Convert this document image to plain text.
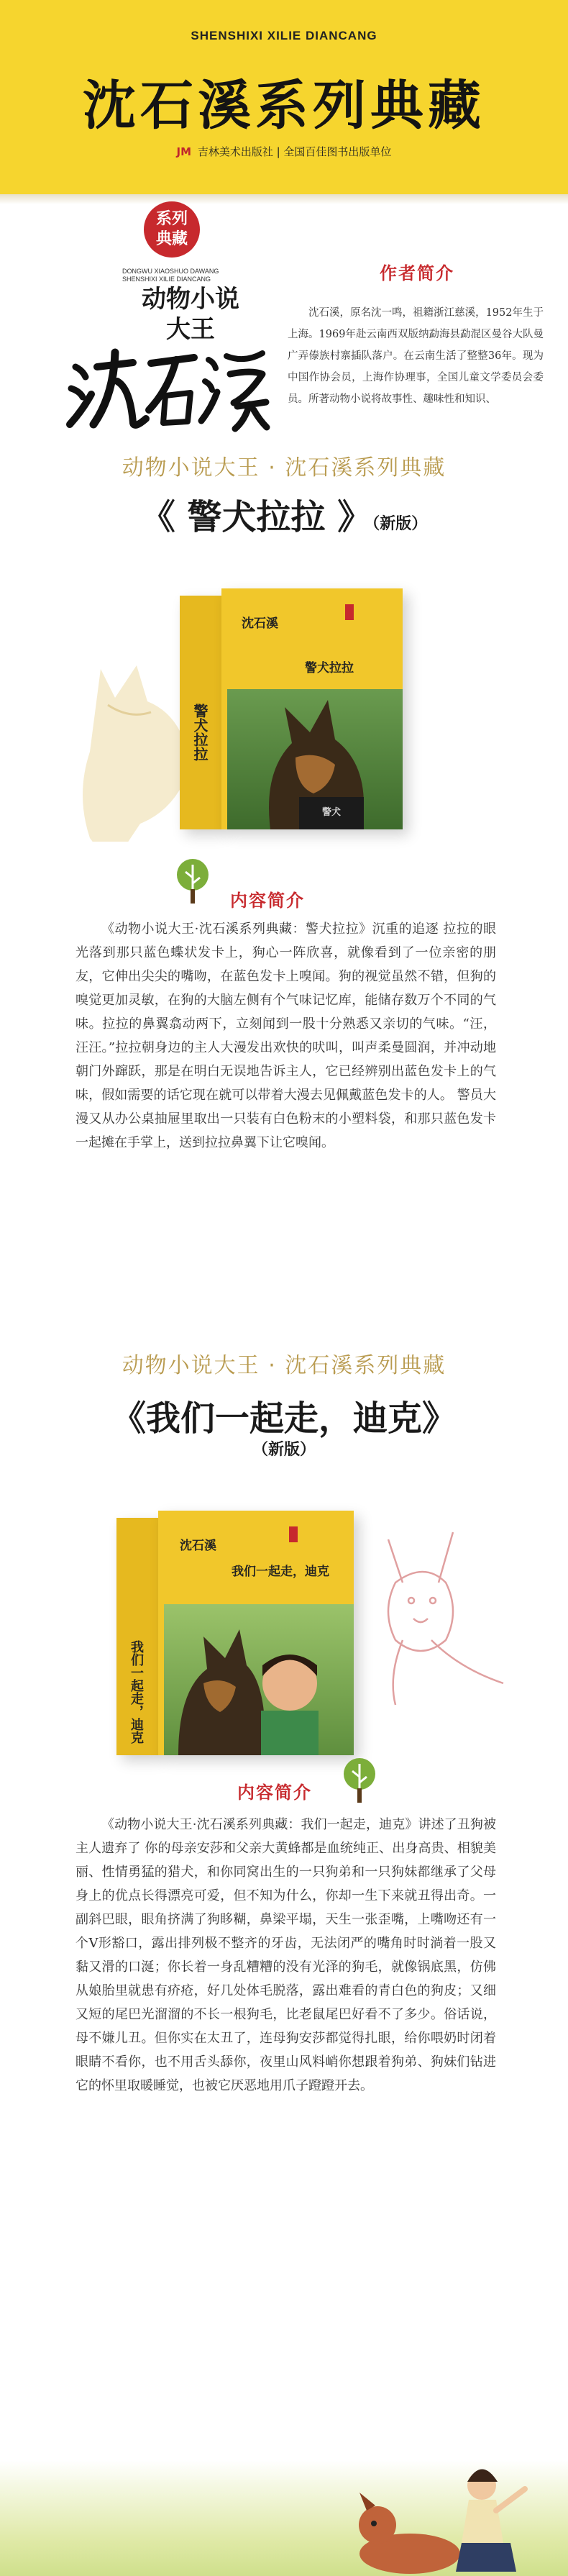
SHENSHIXI XILIE DIANCANG
沈石溪系列典藏
JM 吉林美术出版社 | 全国百佳图书出版单位
系列
典藏
DONGWU XIAOSHUO DAWANG SHENSHIXI XILIE DIANCANG
动物小说
大王
作者简介
沈石溪，原名沈一鸣，祖籍浙江慈溪，1952年生于上海。1969年赴云南西双版纳勐海县勐混区曼谷大队曼广弄傣族村寨插队落户。在云南生活了整整36年。现为中国作协会员，上海作协理事，全国儿童文学委员会委员。所著动物小说将故事性、趣味性和知识、
动物小说大王 · 沈石溪系列典藏
《 警犬拉拉 》（新版）
警犬拉拉
沈石溪
警犬拉拉
警犬
内容简介
《动物小说大王·沈石溪系列典藏：警犬拉拉》沉重的追逐 拉拉的眼光落到那只蓝色蝶状发卡上，狗心一阵欣喜，就像看到了一位亲密的朋友，它伸出尖尖的嘴吻，在蓝色发卡上嗅闻。狗的视觉虽然不错，但狗的嗅觉更加灵敏，在狗的大脑左侧有个气味记忆库，能储存数万个不同的气味。拉拉的鼻翼翕动两下，立刻闻到一股十分熟悉又亲切的气味。“汪，汪汪。”拉拉朝身边的主人大漫发出欢快的吠叫，叫声柔曼圆润，并冲动地朝门外蹿跃，那是在明白无误地告诉主人，它已经辨别出蓝色发卡上的气味，假如需要的话它现在就可以带着大漫去见佩戴蓝色发卡的人。 警员大漫又从办公桌抽屉里取出一只装有白色粉末的小塑料袋，和那只蓝色发卡一起摊在手掌上，送到拉拉鼻翼下让它嗅闻。
动物小说大王 · 沈石溪系列典藏
《我们一起走，迪克》
（新版）
我们一起走，迪克
沈石溪
我们一起走，迪克
内容简介
《动物小说大王·沈石溪系列典藏：我们一起走，迪克》讲述了丑狗被主人遗弃了 你的母亲安莎和父亲大黄蜂都是血统纯正、出身高贵、相貌美丽、性情勇猛的猎犬，和你同窝出生的一只狗弟和一只狗妹都继承了父母身上的优点长得漂亮可爱，但不知为什么，你却一生下来就丑得出奇。一副斜巴眼，眼角挤满了狗眵糊，鼻梁平塌，天生一张歪嘴，上嘴吻还有一个V形豁口，露出排列极不整齐的牙齿，无法闭严的嘴角时时淌着一股又黏又滑的口涎；你长着一身乱糟糟的没有光泽的狗毛，就像锅底黑，仿佛从娘胎里就患有疥疮，好几处体毛脱落，露出难看的青白色的狗皮；又细又短的尾巴光溜溜的不长一根狗毛，比老鼠尾巴好看不了多少。俗话说，母不嫌儿丑。但你实在太丑了，连母狗安莎都觉得扎眼，给你喂奶时闭着眼睛不看你，也不用舌头舔你，夜里山风料峭你想跟着狗弟、狗妹们钻进它的怀里取暖睡觉，也被它厌恶地用爪子蹬蹬开去。
